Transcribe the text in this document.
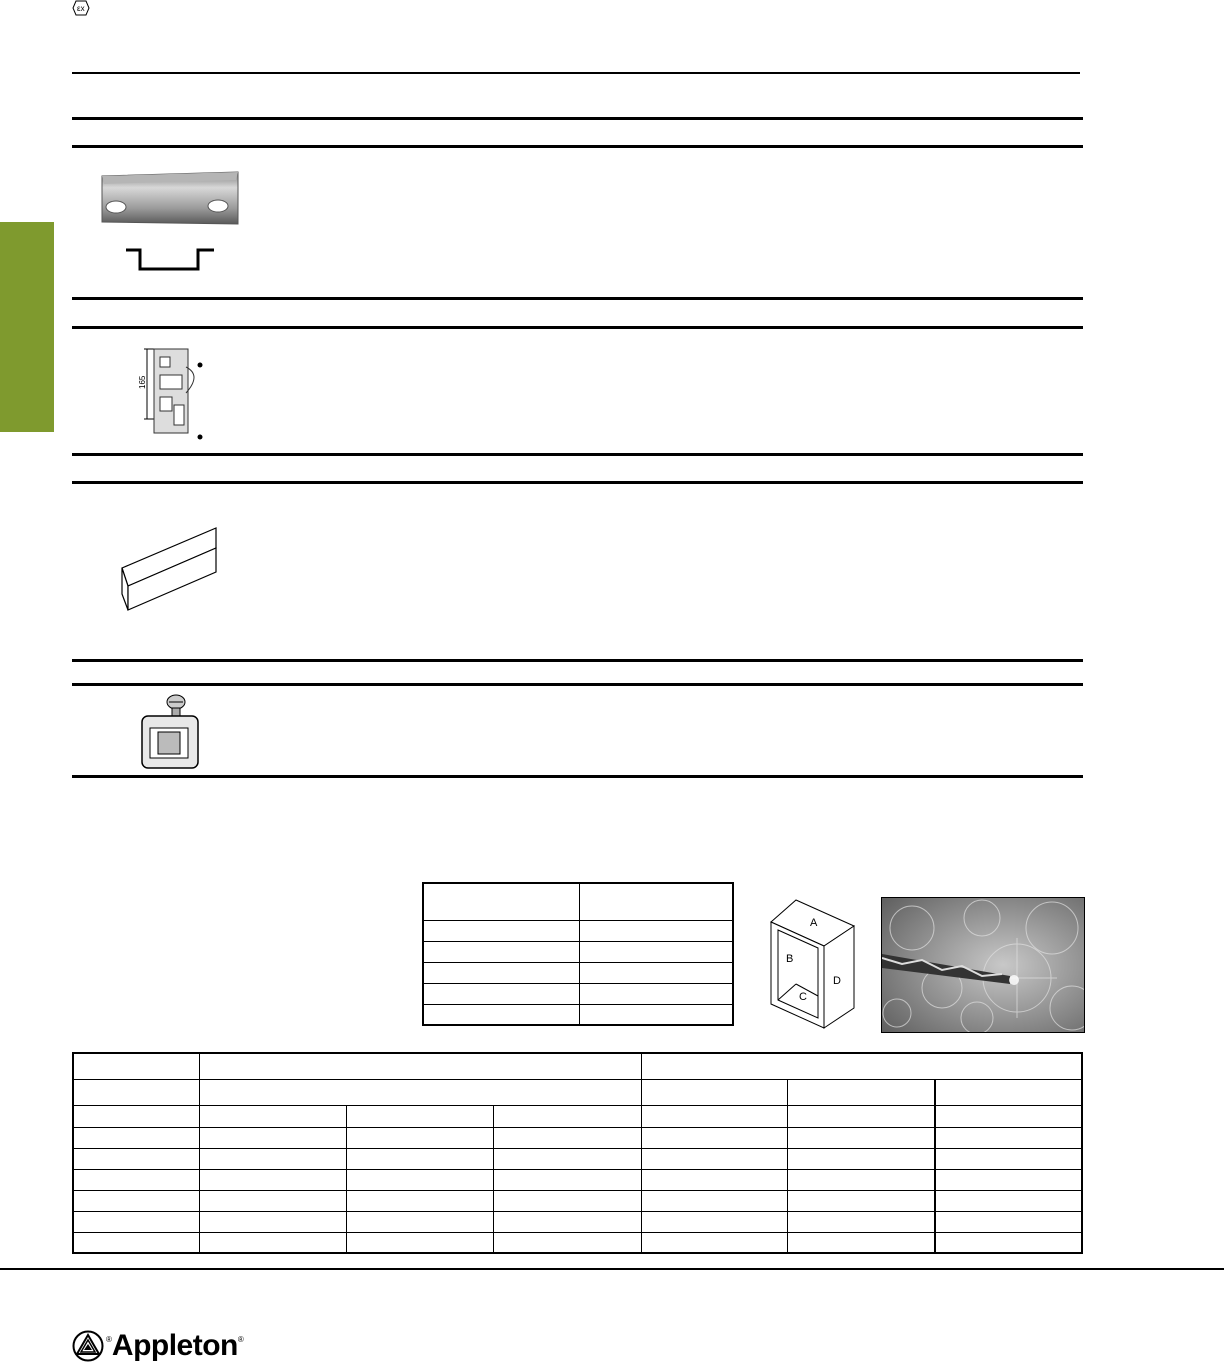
εx
165

A
B
C
D

® Appleton ®
